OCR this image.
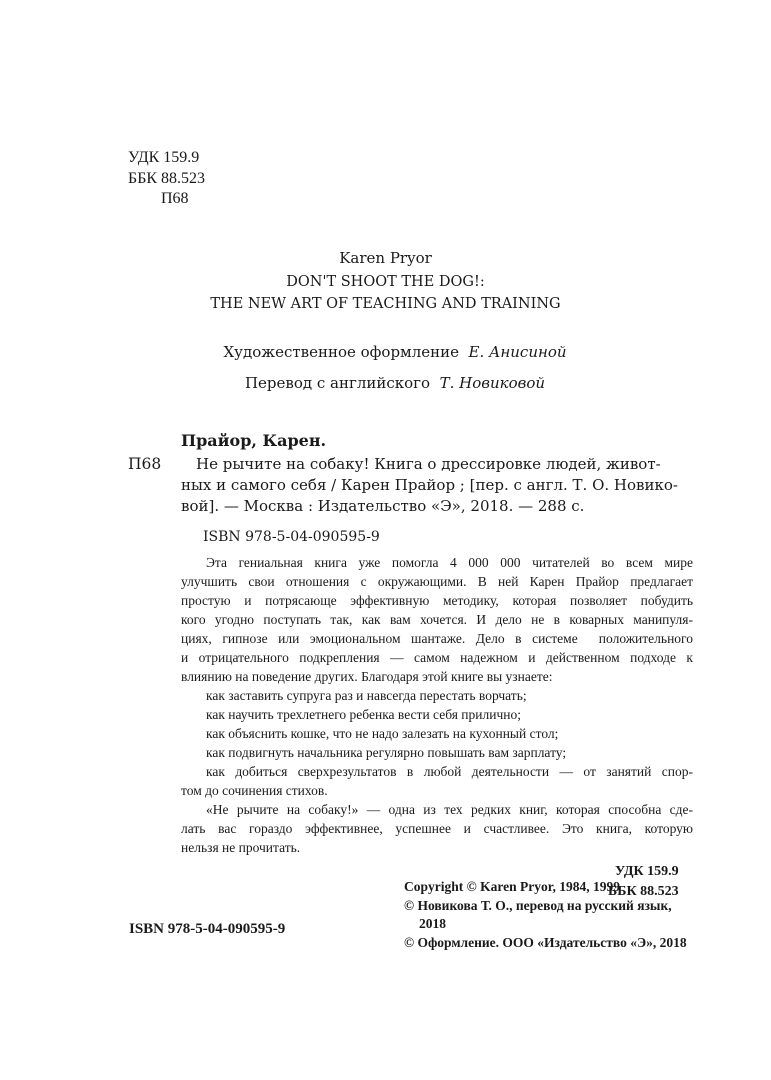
УДК 159.9
ББК 88.523
П68
Karen Pryor
DON'T SHOOT THE DOG!:
THE NEW ART OF TEACHING AND TRAINING

Художественное оформление Е. Анисиной

Перевод с английского Т. Новиковой

Прайор, Карен.
П68 Не рычите на собаку! Книга о дрессировке людей, живот-
ных и самого себя / Карен Прайор ; [пер. с англ. Т. О. Новико-
вой]. — Москва : Издательство «Э», 2018. — 288 с.
ISBN 978-5-04-090595-9
Эта гениальная книга уже помогла 4 000 000 читателей во всем мире
улучшить свои отношения с окружающими. В ней Карен Прайор предлагает
простую и потрясающе эффективную методику, которая позволяет побудить
кого угодно поступать так, как вам хочется. И дело не в коварных манипуля-
циях, гипнозе или эмоциональном шантаже. Дело в системе  положительного
и отрицательного подкрепления — самом надежном и действенном подходе к
влиянию на поведение других. Благодаря этой книге вы узнаете:
как заставить супруга раз и навсегда перестать ворчать;
как научить трехлетнего ребенка вести себя прилично;
как объяснить кошке, что не надо залезать на кухонный стол;
как подвигнуть начальника регулярно повышать вам зарплату;
как добиться сверхрезультатов в любой деятельности — от занятий спор-
том до сочинения стихов.
«Не рычите на собаку!» — одна из тех редких книг, которая способна сде-
лать вас гораздо эффективнее, успешнее и счастливее. Это книга, которую
нельзя не прочитать.
УДК 159.9
ББК 88.523
ISBN 978-5-04-090595-9
Copyright © Karen Pryor, 1984, 1999
© Новикова Т. О., перевод на русский язык,
2018
© Оформление. ООО «Издательство «Э», 2018
